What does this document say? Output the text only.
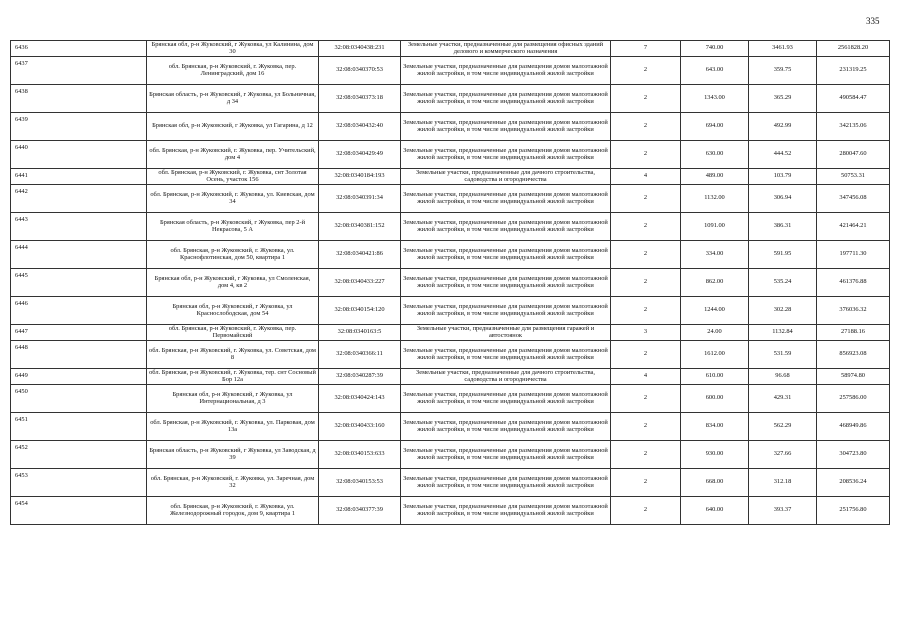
335
6436	Брянская обл, р-н Жуковский, г Жуковка, ул Калинина, дом 30	32:08:0340438:231	Земельные участки, предназначенные для размещения офисных зданий делового и коммерческого назначения	7	740.00	3461.93	2561828.20
6437	обл. Брянская, р-н Жуковский, г. Жуковка, пер. Ленинградский, дом 16	32:08:0340370:53	Земельные участки, предназначенные для размещения домов малоэтажной жилой застройки, в том числе индивидуальной жилой застройки	2	643.00	359.75	231319.25
6438	Брянская область, р-н Жуковский, г Жуковка, ул Больничная, д 34	32:08:0340373:18	Земельные участки, предназначенные для размещения домов малоэтажной жилой застройки, в том числе индивидуальной жилой застройки	2	1343.00	365.29	490584.47
6439	Брянская обл, р-н Жуковский, г Жуковка, ул Гагарина, д 12	32:08:0340432:40	Земельные участки, предназначенные для размещения домов малоэтажной жилой застройки, в том числе индивидуальной жилой застройки	2	694.00	492.99	342135.06
6440	обл. Брянская, р-н Жуковский, г. Жуковка, пер. Учительский, дом 4	32:08:0340429:49	Земельные участки, предназначенные для размещения домов малоэтажной жилой застройки, в том числе индивидуальной жилой застройки	2	630.00	444.52	280047.60
6441	обл. Брянская, р-н Жуковский, г. Жуковка, снт Золотая Осень, участок 156	32:08:0340184:193	Земельные участки, предназначенные для дачного строительства, садоводства и огородничества	4	489.00	103.79	50753.31
6442	обл. Брянская, р-н Жуковский, г. Жуковка, ул. Киевская, дом 34	32:08:0340391:34	Земельные участки, предназначенные для размещения домов малоэтажной жилой застройки, в том числе индивидуальной жилой застройки	2	1132.00	306.94	347456.08
6443	Брянская область, р-н Жуковский, г Жуковка, пер 2-й Некрасова, 5 А	32:08:0340381:152	Земельные участки, предназначенные для размещения домов малоэтажной жилой застройки, в том числе индивидуальной жилой застройки	2	1091.00	386.31	421464.21
6444	обл. Брянская, р-н Жуковский, г. Жуковка, ул. Краснофлотинская, дом 50, квартира 1	32:08:0340421:86	Земельные участки, предназначенные для размещения домов малоэтажной жилой застройки, в том числе индивидуальной жилой застройки	2	334.00	591.95	197711.30
6445	Брянская обл, р-н Жуковский, г Жуковка, ул Смоленская, дом 4, кв 2	32:08:0340433:227	Земельные участки, предназначенные для размещения домов малоэтажной жилой застройки, в том числе индивидуальной жилой застройки	2	862.00	535.24	461376.88
6446	Брянская обл, р-н Жуковский, г Жуковка, ул Краснослободская, дом 54	32:08:0340154:120	Земельные участки, предназначенные для размещения домов малоэтажной жилой застройки, в том числе индивидуальной жилой застройки	2	1244.00	302.28	376036.32
6447	обл. Брянская, р-н Жуковский, г. Жуковка, пер. Первомайский	32:08:0340163:5	Земельные участки, предназначенные для размещения гаражей и автостоянок	3	24.00	1132.84	27188.16
6448	обл. Брянская, р-н Жуковский, г. Жуковка, ул. Советская, дом 8	32:08:0340366:11	Земельные участки, предназначенные для размещения домов малоэтажной жилой застройки, в том числе индивидуальной жилой застройки	2	1612.00	531.59	856923.08
6449	обл. Брянская, р-н Жуковский, г. Жуковка, тер. снт Сосновый Бор 12а	32:08:0340287:39	Земельные участки, предназначенные для дачного строительства, садоводства и огородничества	4	610.00	96.68	58974.80
6450	Брянская обл, р-н Жуковский, г Жуковка, ул Интернациональная, д 3	32:08:0340424:143	Земельные участки, предназначенные для размещения домов малоэтажной жилой застройки, в том числе индивидуальной жилой застройки	2	600.00	429.31	257586.00
6451	обл. Брянская, р-н Жуковский, г. Жуковка, ул. Парковая, дом 13а	32:08:0340433:160	Земельные участки, предназначенные для размещения домов малоэтажной жилой застройки, в том числе индивидуальной жилой застройки	2	834.00	562.29	468949.86
6452	Брянская область, р-н Жуковский, г Жуковка, ул Заводская, д 39	32:08:0340153:633	Земельные участки, предназначенные для размещения домов малоэтажной жилой застройки, в том числе индивидуальной жилой застройки	2	930.00	327.66	304723.80
6453	обл. Брянская, р-н Жуковский, г. Жуковка, ул. Заречная, дом 32	32:08:0340153:53	Земельные участки, предназначенные для размещения домов малоэтажной жилой застройки, в том числе индивидуальной жилой застройки	2	668.00	312.18	208536.24
6454	обл. Брянская, р-н Жуковский, г. Жуковка, ул. Железнодорожный городок, дом 9, квартира 1	32:08:0340377:39	Земельные участки, предназначенные для размещения домов малоэтажной жилой застройки, в том числе индивидуальной жилой застройки	2	640.00	393.37	251756.80
